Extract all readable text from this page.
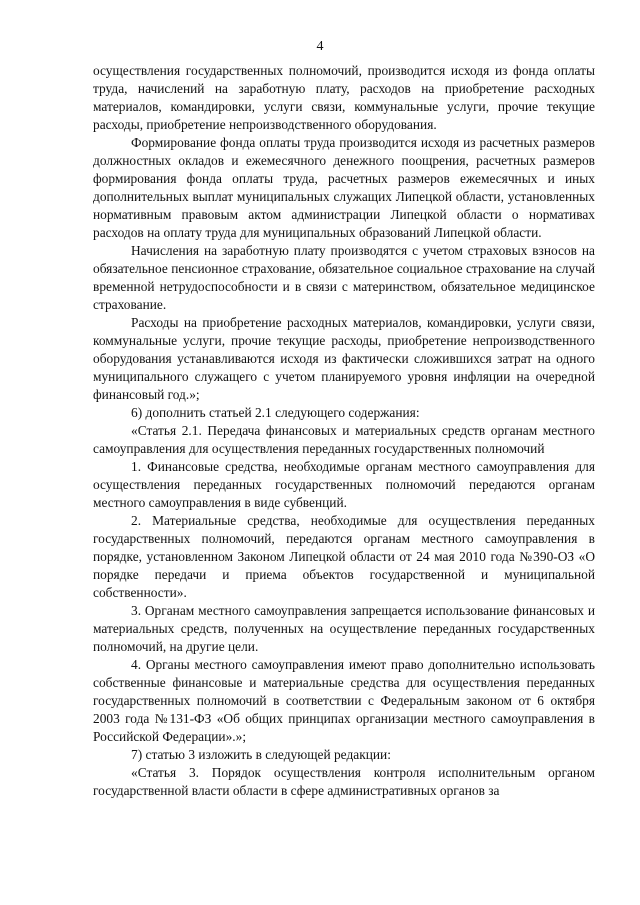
4

осуществления государственных полномочий, производится исходя из фонда оплаты труда, начислений на заработную плату, расходов на приобретение расходных материалов, командировки, услуги связи, коммунальные услуги, прочие текущие расходы, приобретение непроизводственного оборудования.

Формирование фонда оплаты труда производится исходя из расчетных размеров должностных окладов и ежемесячного денежного поощрения, расчетных размеров формирования фонда оплаты труда, расчетных размеров ежемесячных и иных дополнительных выплат муниципальных служащих Липецкой области, установленных нормативным правовым актом администрации Липецкой области о нормативах расходов на оплату труда для муниципальных образований Липецкой области.

Начисления на заработную плату производятся с учетом страховых взносов на обязательное пенсионное страхование, обязательное социальное страхование на случай временной нетрудоспособности и в связи с материнством, обязательное медицинское страхование.

Расходы на приобретение расходных материалов, командировки, услуги связи, коммунальные услуги, прочие текущие расходы, приобретение непроизводственного оборудования устанавливаются исходя из фактически сложившихся затрат на одного муниципального служащего с учетом планируемого уровня инфляции на очередной финансовый год.»;

6) дополнить статьей 2.1 следующего содержания:

«Статья 2.1. Передача финансовых и материальных средств органам местного самоуправления для осуществления переданных государственных полномочий

1. Финансовые средства, необходимые органам местного самоуправления для осуществления переданных государственных полномочий передаются органам местного самоуправления в виде субвенций.

2. Материальные средства, необходимые для осуществления переданных государственных полномочий, передаются органам местного самоуправления в порядке, установленном Законом Липецкой области от 24 мая 2010 года №390-ОЗ «О порядке передачи и приема объектов государственной и муниципальной собственности».

3. Органам местного самоуправления запрещается использование финансовых и материальных средств, полученных на осуществление переданных государственных полномочий, на другие цели.

4. Органы местного самоуправления имеют право дополнительно использовать собственные финансовые и материальные средства для осуществления переданных государственных полномочий в соответствии с Федеральным законом от 6 октября 2003 года №131-ФЗ «Об общих принципах организации местного самоуправления в Российской Федерации».»;

7) статью 3 изложить в следующей редакции:

«Статья 3. Порядок осуществления контроля исполнительным органом государственной власти области в сфере административных органов за
